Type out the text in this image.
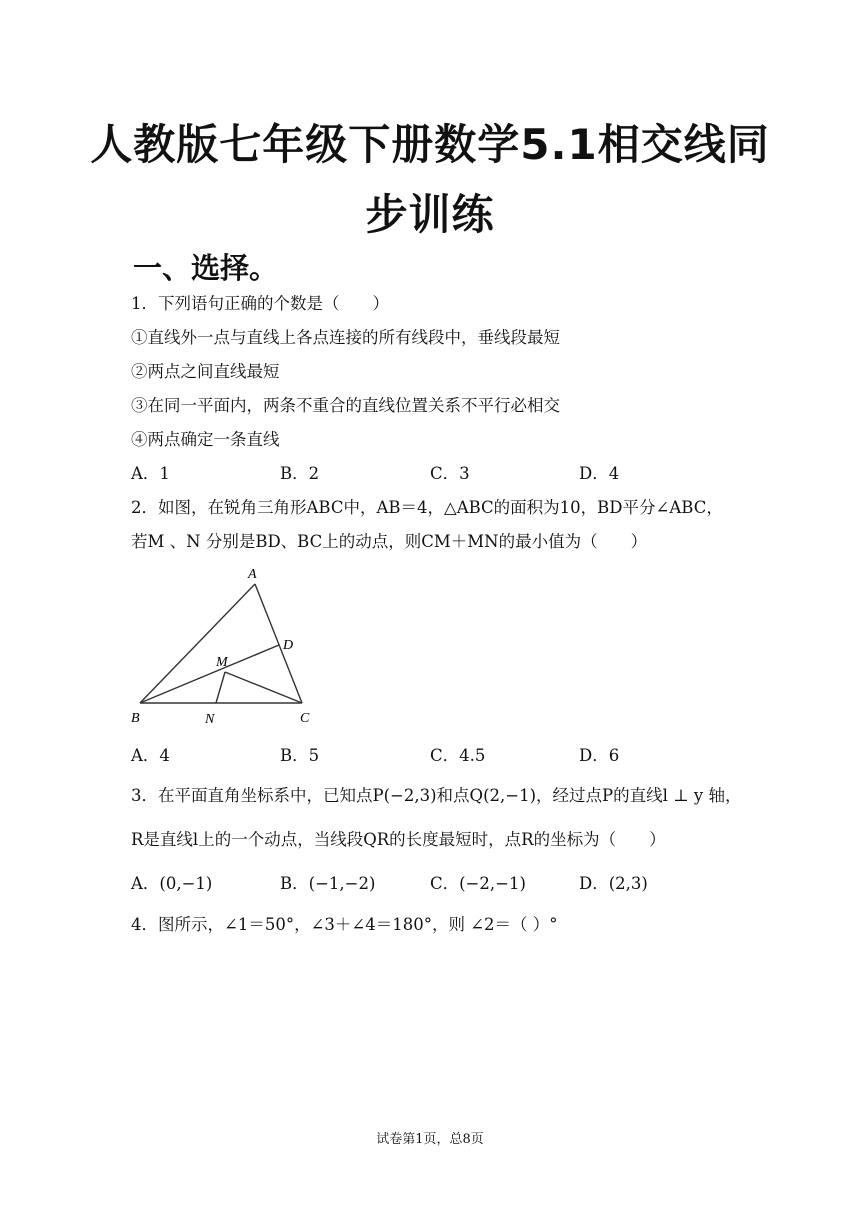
人教版七年级下册数学5.1相交线同
步训练
一、选择。
1．下列语句正确的个数是（　　）
①直线外一点与直线上各点连接的所有线段中，垂线段最短
②两点之间直线最短
③在同一平面内，两条不重合的直线位置关系不平行必相交
④两点确定一条直线
A．1	B．2	C．3	D．4
2．如图，在锐角三角形ABC中，AB＝4，△ABC的面积为10，BD平分∠ABC，
若M 、N 分别是BD、BC上的动点，则CM＋MN的最小值为（　　）
A
B	C
D
M
N
A．4	B．5	C．4.5	D．6
3．在平面直角坐标系中，已知点P(−2,3)和点Q(2,−1)，经过点P的直线l ⊥ y 轴，
R是直线l上的一个动点，当线段QR的长度最短时，点R的坐标为（　　）
A．(0,−1)	B．(−1,−2)	C．(−2,−1)	D．(2,3)
4．图所示，∠1＝50°，∠3＋∠4＝180°，则 ∠2＝（ ）°
试卷第1页，总8页
